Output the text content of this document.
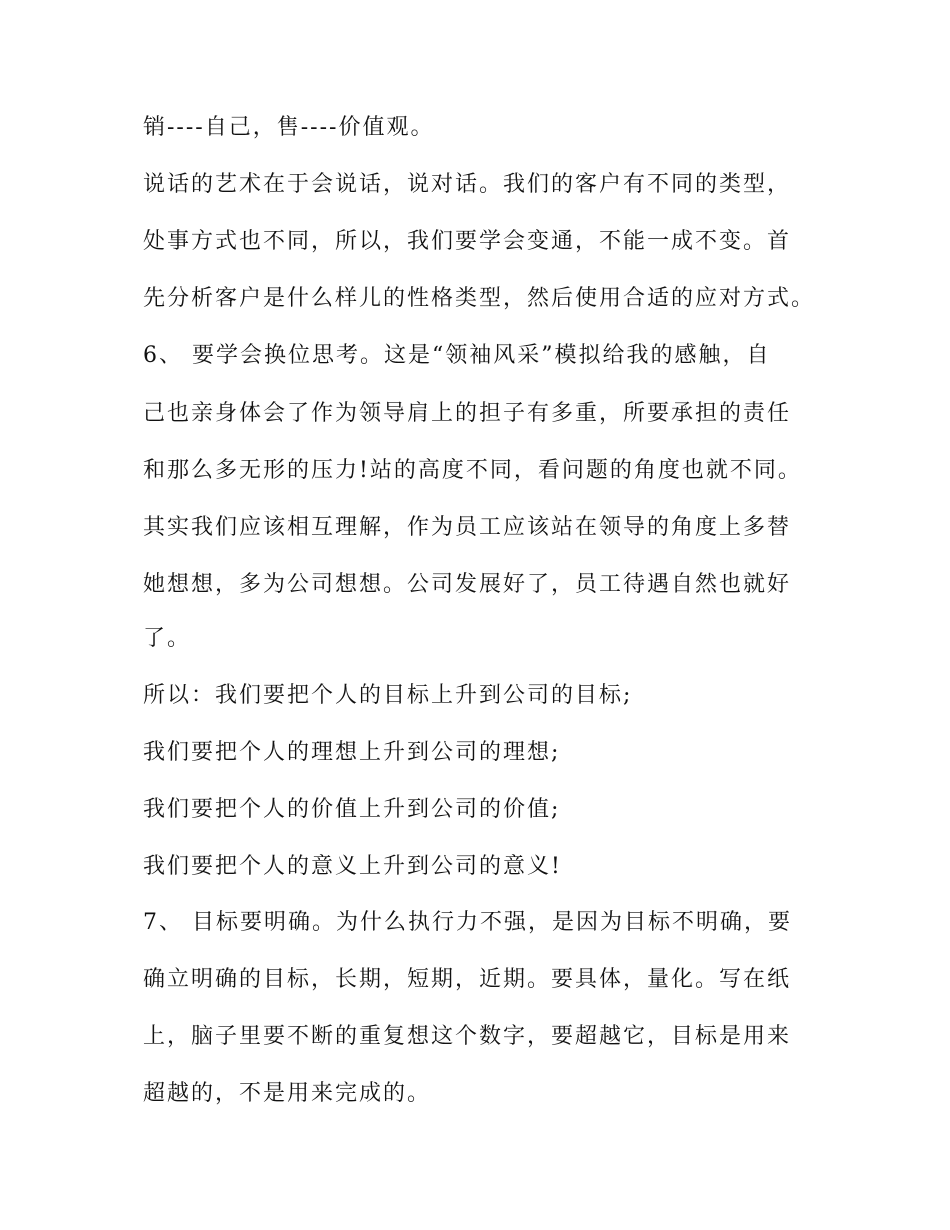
销----自己，售----价值观。
说话的艺术在于会说话，说对话。我们的客户有不同的类型，
处事方式也不同，所以，我们要学会变通，不能一成不变。首
先分析客户是什么样儿的性格类型，然后使用合适的应对方式。
6、 要学会换位思考。这是“领袖风采”模拟给我的感触，自
己也亲身体会了作为领导肩上的担子有多重，所要承担的责任
和那么多无形的压力!站的高度不同，看问题的角度也就不同。
其实我们应该相互理解，作为员工应该站在领导的角度上多替
她想想，多为公司想想。公司发展好了，员工待遇自然也就好
了。
所以：我们要把个人的目标上升到公司的目标;
我们要把个人的理想上升到公司的理想;
我们要把个人的价值上升到公司的价值;
我们要把个人的意义上升到公司的意义!
7、 目标要明确。为什么执行力不强，是因为目标不明确，要
确立明确的目标，长期，短期，近期。要具体，量化。写在纸
上，脑子里要不断的重复想这个数字，要超越它，目标是用来
超越的，不是用来完成的。
